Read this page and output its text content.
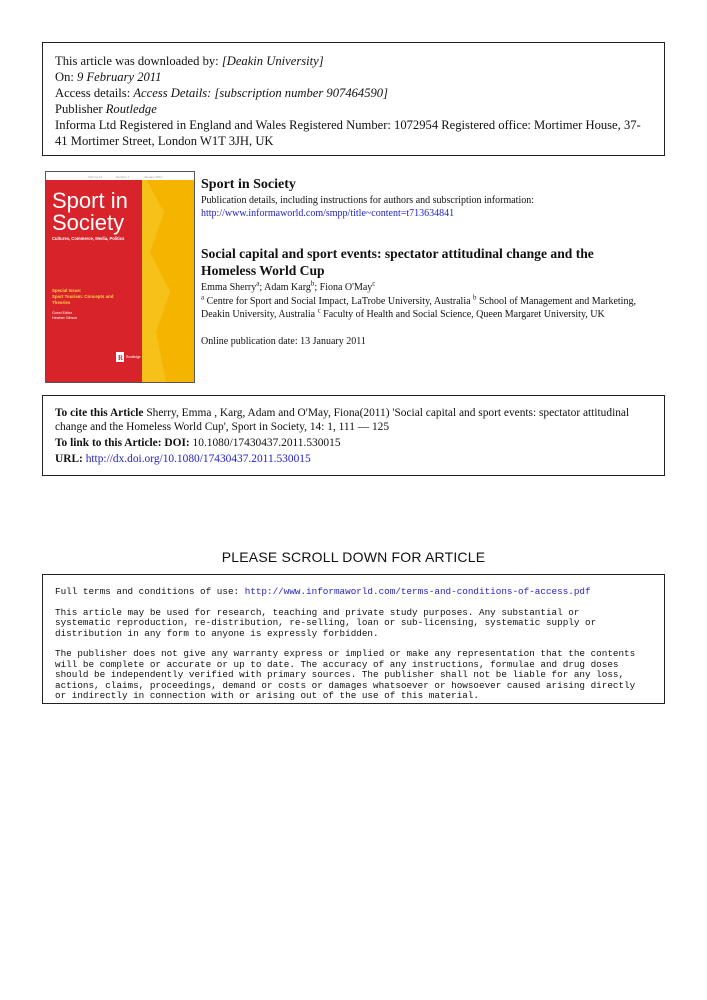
This article was downloaded by: [Deakin University]
On: 9 February 2011
Access details: Access Details: [subscription number 907464590]
Publisher Routledge
Informa Ltd Registered in England and Wales Registered Number: 1072954 Registered office: Mortimer House, 37-41 Mortimer Street, London W1T 3JH, UK
Volume 14	Number 1	January 2011
Sport in
Society
Cultures, Commerce, Media, Politics
Special Issue:
Sport Tourism: Concepts and
Theories
Guest Editor
Heather Gibson
R Routledge
Sport in Society
Publication details, including instructions for authors and subscription information:
http://www.informaworld.com/smpp/title~content=t713634841
Social capital and sport events: spectator attitudinal change and the Homeless World Cup
Emma Sherry$^a$; Adam Karg$^b$; Fiona O'May$^c$
$^a$ Centre for Sport and Social Impact, LaTrobe University, Australia $^b$ School of Management and Marketing, Deakin University, Australia $^c$ Faculty of Health and Social Science, Queen Margaret University, UK
Online publication date: 13 January 2011
To cite this Article Sherry, Emma , Karg, Adam and O'May, Fiona(2011) 'Social capital and sport events: spectator attitudinal change and the Homeless World Cup', Sport in Society, 14: 1, 111 — 125
To link to this Article: DOI: 10.1080/17430437.2011.530015
URL: http://dx.doi.org/10.1080/17430437.2011.530015
PLEASE SCROLL DOWN FOR ARTICLE

Full terms and conditions of use: http://www.informaworld.com/terms-and-conditions-of-access.pdf

This article may be used for research, teaching and private study purposes. Any substantial or
systematic reproduction, re-distribution, re-selling, loan or sub-licensing, systematic supply or
distribution in any form to anyone is expressly forbidden.

The publisher does not give any warranty express or implied or make any representation that the contents
will be complete or accurate or up to date. The accuracy of any instructions, formulae and drug doses
should be independently verified with primary sources. The publisher shall not be liable for any loss,
actions, claims, proceedings, demand or costs or damages whatsoever or howsoever caused arising directly
or indirectly in connection with or arising out of the use of this material.
